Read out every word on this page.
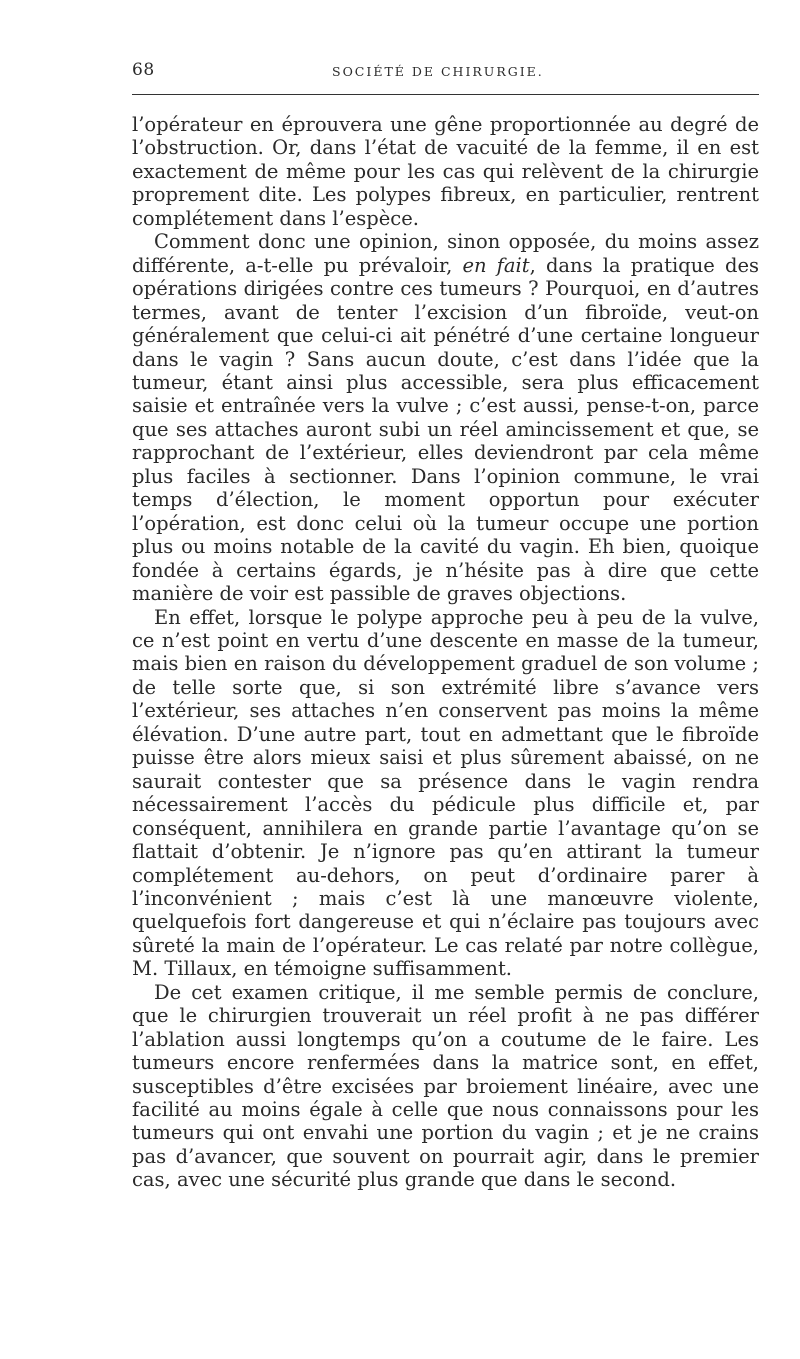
68	SOCIÉTÉ DE CHIRURGIE.

l’opérateur en éprouvera une gêne proportionnée au degré de l’obstruction. Or, dans l’état de vacuité de la femme, il en est exactement de même pour les cas qui relèvent de la chirurgie proprement dite. Les polypes fibreux, en particulier, rentrent complétement dans l’espèce.

Comment donc une opinion, sinon opposée, du moins assez différente, a-t-elle pu prévaloir, en fait, dans la pratique des opérations dirigées contre ces tumeurs ? Pourquoi, en d’autres termes, avant de tenter l’excision d’un fibroïde, veut-on généralement que celui-ci ait pénétré d’une certaine longueur dans le vagin ? Sans aucun doute, c’est dans l’idée que la tumeur, étant ainsi plus accessible, sera plus efficacement saisie et entraînée vers la vulve ; c’est aussi, pense-t-on, parce que ses attaches auront subi un réel amincissement et que, se rapprochant de l’extérieur, elles deviendront par cela même plus faciles à sectionner. Dans l’opinion commune, le vrai temps d’élection, le moment opportun pour exécuter l’opération, est donc celui où la tumeur occupe une portion plus ou moins notable de la cavité du vagin. Eh bien, quoique fondée à certains égards, je n’hésite pas à dire que cette manière de voir est passible de graves objections.

En effet, lorsque le polype approche peu à peu de la vulve, ce n’est point en vertu d’une descente en masse de la tumeur, mais bien en raison du développement graduel de son volume ; de telle sorte que, si son extrémité libre s’avance vers l’extérieur, ses attaches n’en conservent pas moins la même élévation. D’une autre part, tout en admettant que le fibroïde puisse être alors mieux saisi et plus sûrement abaissé, on ne saurait contester que sa présence dans le vagin rendra nécessairement l’accès du pédicule plus difficile et, par conséquent, annihilera en grande partie l’avantage qu’on se flattait d’obtenir. Je n’ignore pas qu’en attirant la tumeur complétement au-dehors, on peut d’ordinaire parer à l’inconvénient ; mais c’est là une manœuvre violente, quelquefois fort dangereuse et qui n’éclaire pas toujours avec sûreté la main de l’opérateur. Le cas relaté par notre collègue, M. Tillaux, en témoigne suffisamment.

De cet examen critique, il me semble permis de conclure, que le chirurgien trouverait un réel profit à ne pas différer l’ablation aussi longtemps qu’on a coutume de le faire. Les tumeurs encore renfermées dans la matrice sont, en effet, susceptibles d’être excisées par broiement linéaire, avec une facilité au moins égale à celle que nous connaissons pour les tumeurs qui ont envahi une portion du vagin ; et je ne crains pas d’avancer, que souvent on pourrait agir, dans le premier cas, avec une sécurité plus grande que dans le second.
